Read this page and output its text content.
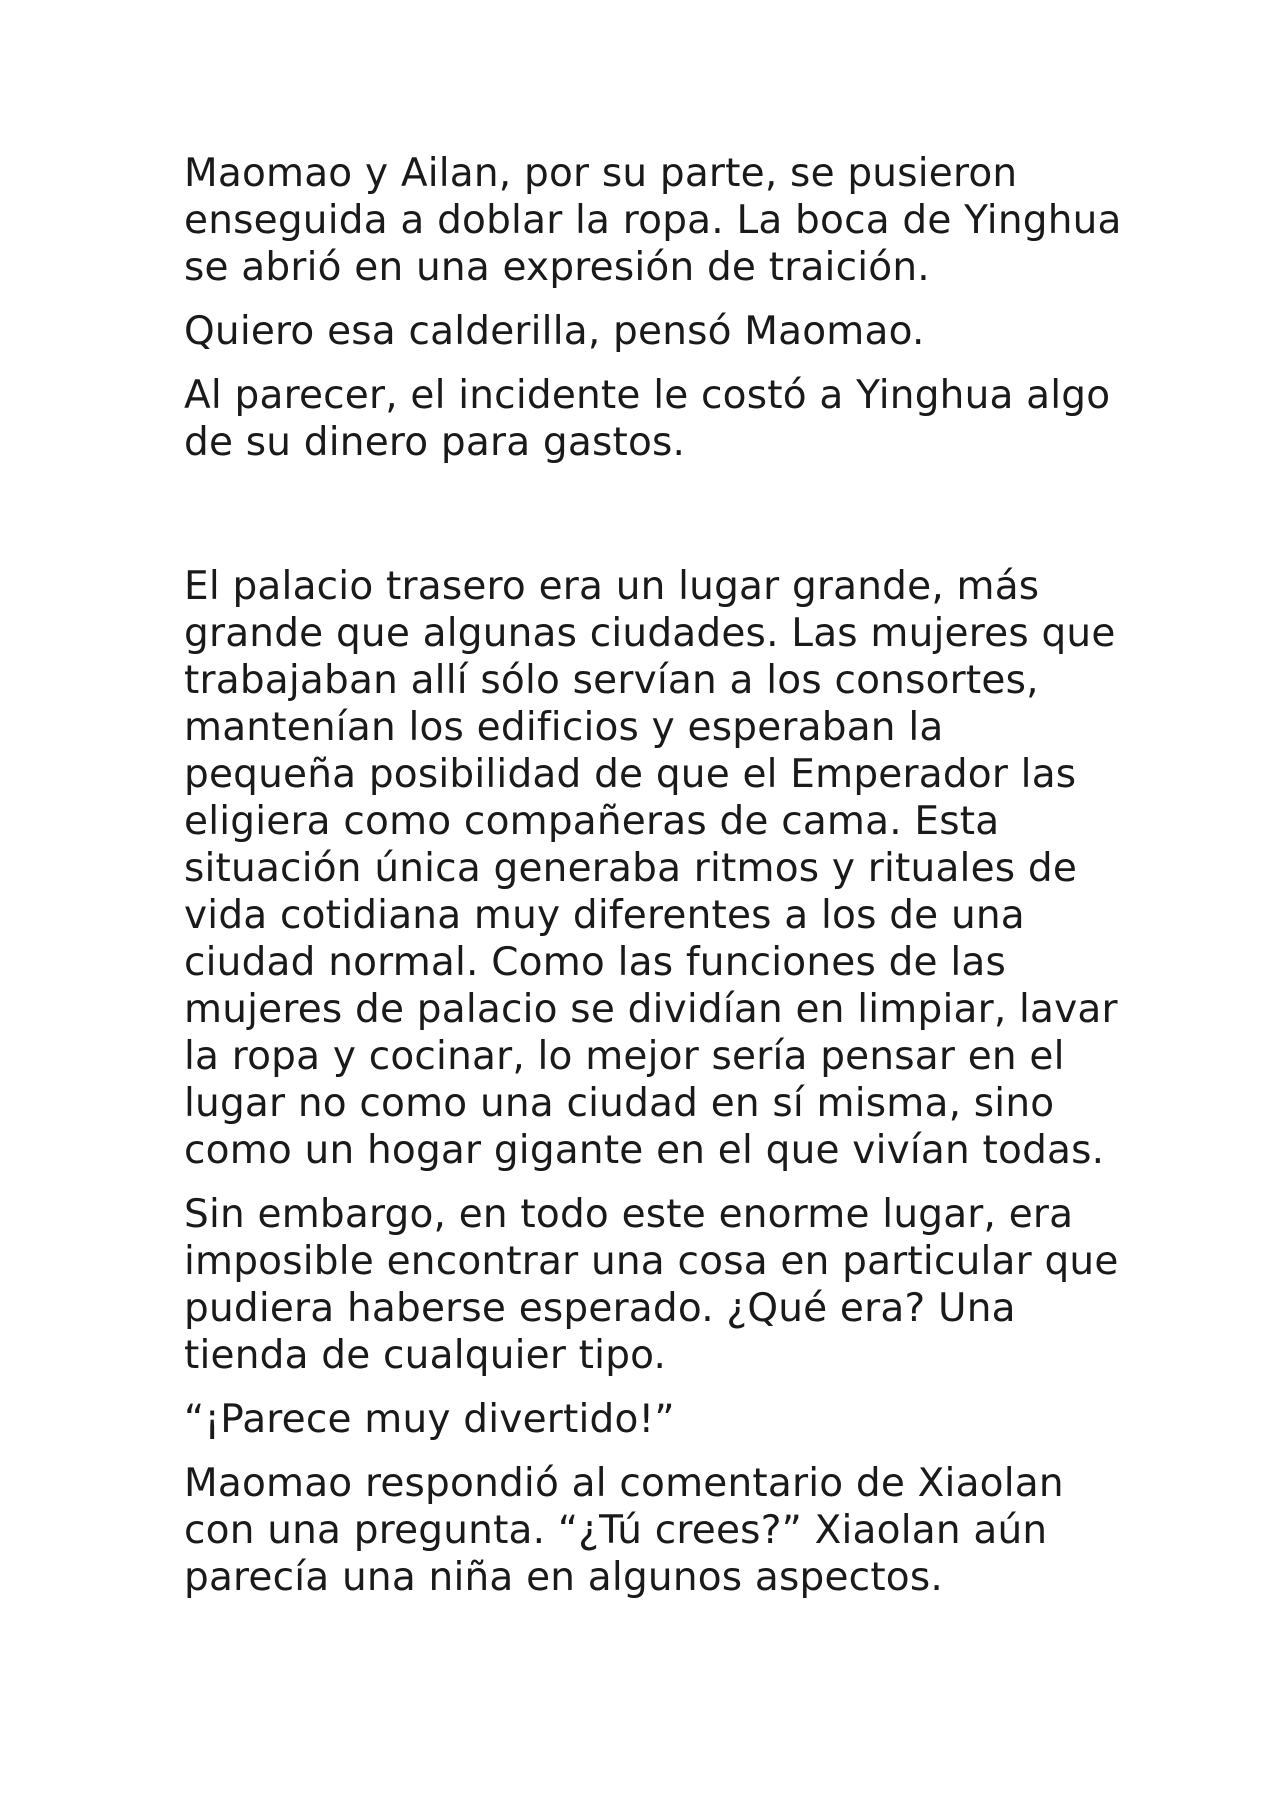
Maomao y Ailan, por su parte, se pusieron enseguida a doblar la ropa. La boca de Yinghua se abrió en una expresión de traición.

Quiero esa calderilla, pensó Maomao.

Al parecer, el incidente le costó a Yinghua algo de su dinero para gastos.

El palacio trasero era un lugar grande, más grande que algunas ciudades. Las mujeres que trabajaban allí sólo servían a los consortes, mantenían los edificios y esperaban la pequeña posibilidad de que el Emperador las eligiera como compañeras de cama. Esta situación única generaba ritmos y rituales de vida cotidiana muy diferentes a los de una ciudad normal. Como las funciones de las mujeres de palacio se dividían en limpiar, lavar la ropa y cocinar, lo mejor sería pensar en el lugar no como una ciudad en sí misma, sino como un hogar gigante en el que vivían todas.

Sin embargo, en todo este enorme lugar, era imposible encontrar una cosa en particular que pudiera haberse esperado. ¿Qué era? Una tienda de cualquier tipo.

“¡Parece muy divertido!”

Maomao respondió al comentario de Xiaolan con una pregunta. “¿Tú crees?” Xiaolan aún parecía una niña en algunos aspectos.
